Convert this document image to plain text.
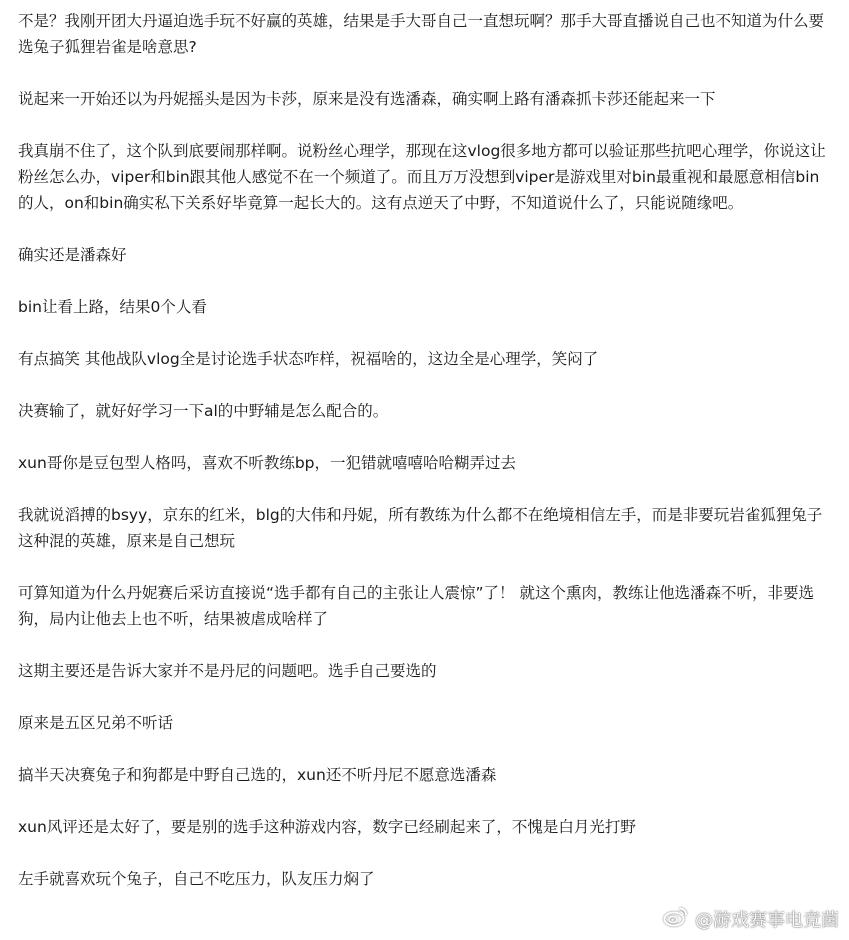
不是？我刚开团大丹逼迫选手玩不好赢的英雄，结果是手大哥自己一直想玩啊？那手大哥直播说自己也不知道为什么要选兔子狐狸岩雀是啥意思?

说起来一开始还以为丹妮摇头是因为卡莎，原来是没有选潘森，确实啊上路有潘森抓卡莎还能起来一下

我真崩不住了，这个队到底要闹那样啊。说粉丝心理学，那现在这vlog很多地方都可以验证那些抗吧心理学，你说这让粉丝怎么办，viper和bin跟其他人感觉不在一个频道了。而且万万没想到viper是游戏里对bin最重视和最愿意相信bin的人，on和bin确实私下关系好毕竟算一起长大的。这有点逆天了中野，不知道说什么了，只能说随缘吧。

确实还是潘森好

bin让看上路，结果0个人看

有点搞笑 其他战队vlog全是讨论选手状态咋样，祝福啥的，这边全是心理学，笑闷了

决赛输了，就好好学习一下al的中野辅是怎么配合的。

xun哥你是豆包型人格吗，喜欢不听教练bp，一犯错就嘻嘻哈哈糊弄过去

我就说滔搏的bsyy，京东的红米，blg的大伟和丹妮，所有教练为什么都不在绝境相信左手，而是非要玩岩雀狐狸兔子这种混的英雄，原来是自己想玩

可算知道为什么丹妮赛后采访直接说“选手都有自己的主张让人震惊”了！ 就这个熏肉，教练让他选潘森不听，非要选狗，局内让他去上也不听，结果被虐成啥样了

这期主要还是告诉大家并不是丹尼的问题吧。选手自己要选的

原来是五区兄弟不听话

搞半天决赛兔子和狗都是中野自己选的，xun还不听丹尼不愿意选潘森

xun风评还是太好了，要是别的选手这种游戏内容，数字已经刷起来了，不愧是白月光打野

左手就喜欢玩个兔子，自己不吃压力，队友压力焖了

@游戏赛事电竞菌
